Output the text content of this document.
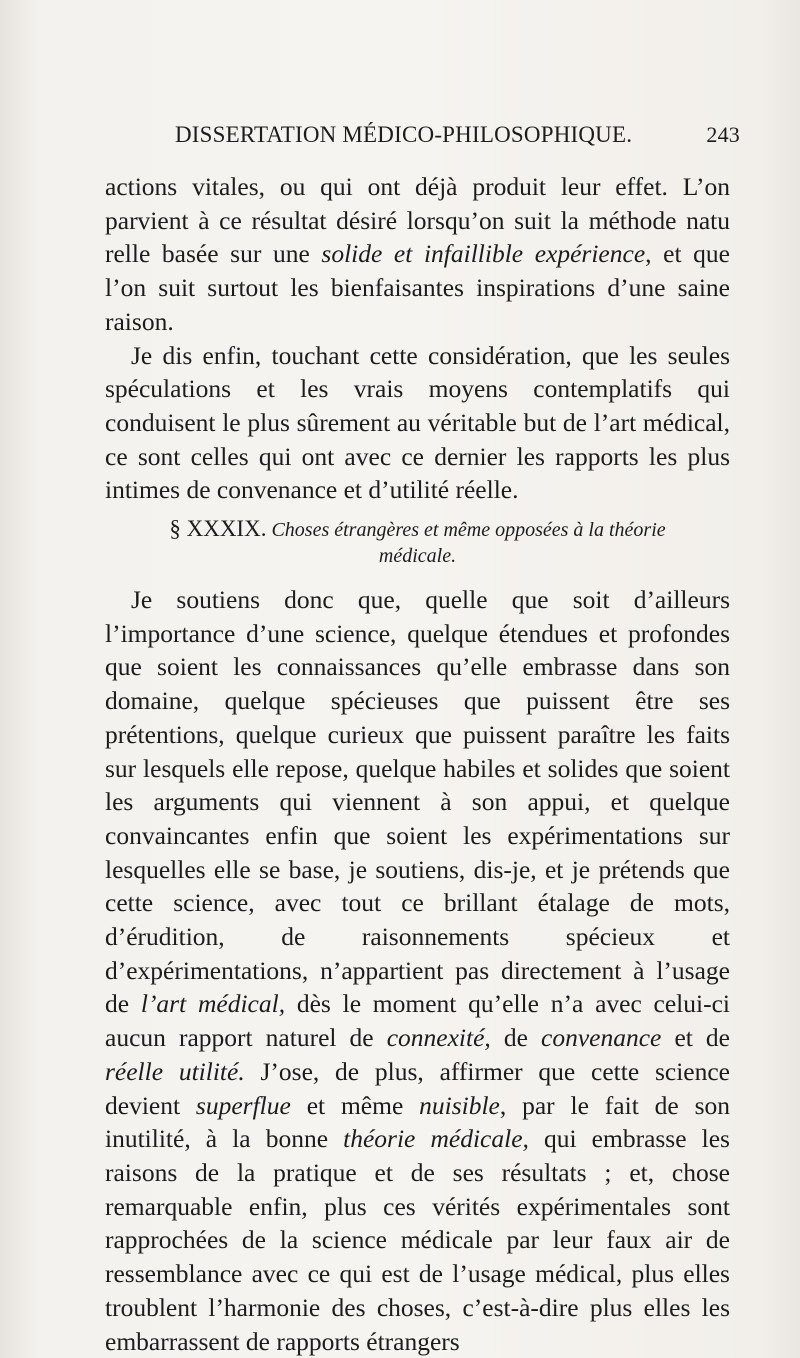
DISSERTATION MÉDICO-PHILOSOPHIQUE.	243

actions vitales, ou qui ont déjà produit leur effet. L’on parvient à ce résultat désiré lorsqu’on suit la méthode natu relle basée sur une solide et infaillible expérience, et que l’on suit surtout les bienfaisantes inspirations d’une saine raison.

Je dis enfin, touchant cette considération, que les seules spéculations et les vrais moyens contemplatifs qui conduisent le plus sûrement au véritable but de l’art médical, ce sont celles qui ont avec ce dernier les rapports les plus intimes de convenance et d’utilité réelle.

§ XXXIX. Choses étrangères et même opposées à la théorie
médicale.

Je soutiens donc que, quelle que soit d’ailleurs l’importance d’une science, quelque étendues et profondes que soient les connaissances qu’elle embrasse dans son domaine, quelque spécieuses que puissent être ses prétentions, quelque curieux que puissent paraître les faits sur lesquels elle repose, quelque habiles et solides que soient les arguments qui viennent à son appui, et quelque convaincantes enfin que soient les expérimentations sur lesquelles elle se base, je soutiens, dis-je, et je prétends que cette science, avec tout ce brillant étalage de mots, d’érudition, de raisonnements spécieux et d’expérimentations, n’appartient pas directement à l’usage de l’art médical, dès le moment qu’elle n’a avec celui-ci aucun rapport naturel de connexité, de convenance et de réelle utilité. J’ose, de plus, affirmer que cette science devient superflue et même nuisible, par le fait de son inutilité, à la bonne théorie médicale, qui embrasse les raisons de la pratique et de ses résultats ; et, chose remarquable enfin, plus ces vérités expérimentales sont rapprochées de la science médicale par leur faux air de ressemblance avec ce qui est de l’usage médical, plus elles troublent l’harmonie des choses, c’est-à-dire plus elles les embarrassent de rapports étrangers
